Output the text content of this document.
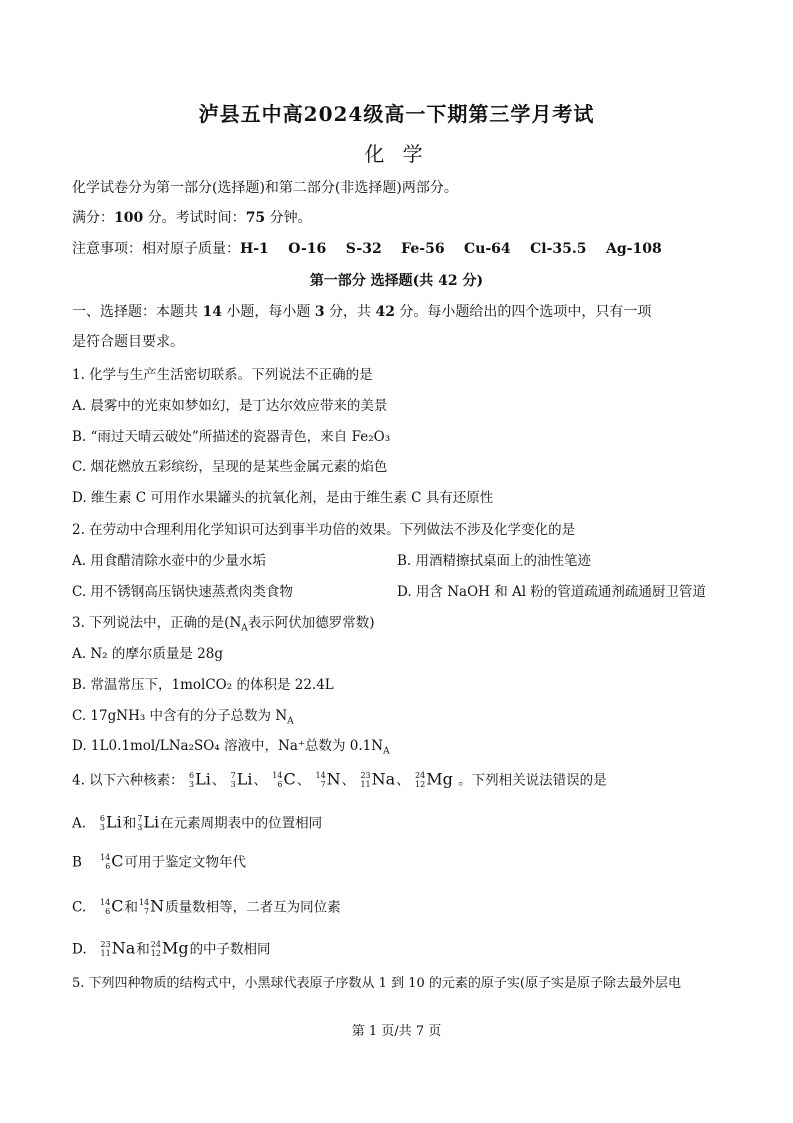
泸县五中高2024级高一下期第三学月考试
化 学
化学试卷分为第一部分(选择题)和第二部分(非选择题)两部分。
满分：100 分。考试时间：75 分钟。
注意事项：相对原子质量：H-1    O-16    S-32    Fe-56    Cu-64    Cl-35.5    Ag-108
第一部分 选择题(共 42 分)
一、选择题：本题共 14 小题，每小题 3 分，共 42 分。每小题给出的四个选项中，只有一项
是符合题目要求。
1. 化学与生产生活密切联系。下列说法不正确的是
A. 晨雾中的光束如梦如幻，是丁达尔效应带来的美景
B. “雨过天晴云破处”所描述的瓷器青色，来自 Fe₂O₃
C. 烟花燃放五彩缤纷，呈现的是某些金属元素的焰色
D. 维生素 C 可用作水果罐头的抗氧化剂，是由于维生素 C 具有还原性
2. 在劳动中合理利用化学知识可达到事半功倍的效果。下列做法不涉及化学变化的是
A. 用食醋清除水壶中的少量水垢	B. 用酒精擦拭桌面上的油性笔迹
C. 用不锈钢高压锅快速蒸煮肉类食物	D. 用含 NaOH 和 Al 粉的管道疏通剂疏通厨卫管道
3. 下列说法中，正确的是($N_A$表示阿伏加德罗常数)
A. N₂ 的摩尔质量是 28g
B. 常温常压下，1molCO₂ 的体积是 22.4L
C. 17gNH₃ 中含有的分子总数为 $N_A$
D. 1L0.1mol/LNa₂SO₄ 溶液中，Na⁺总数为 $0.1N_A$
4. 以下六种核素： 6
3 Li、 7
3 Li、 14
6 C、 14
7 N、 23
11 Na、 24
12 Mg 。下列相关说法错误的是
A. 6
3 Li和 7
3 Li在元素周期表中的位置相同
B 14
6 C可用于鉴定文物年代
C. 14
6 C和 14
7 N质量数相等，二者互为同位素
D. 23
11 Na和 24
12 Mg的中子数相同
5. 下列四种物质的结构式中，小黑球代表原子序数从 1 到 10 的元素的原子实(原子实是原子除去最外层电
第 1 页/共 7 页
